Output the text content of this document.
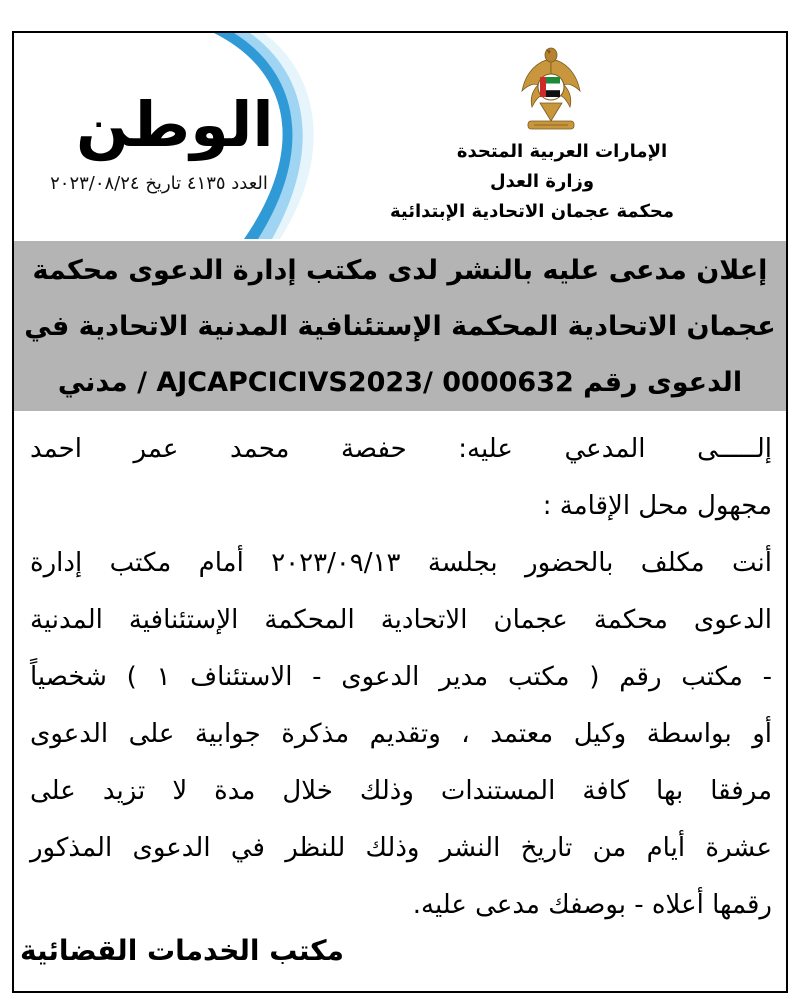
الإمارات العربية المتحدة
وزارة العدل
محكمة عجمان الاتحادية الإبتدائية
الوطن
العدد ٤١٣٥ تاريخ ٢٠٢٣/٠٨/٢٤
إعلان مدعى عليه بالنشر لدى مكتب إدارة الدعوى محكمة
عجمان الاتحادية المحكمة الإستئنافية المدنية الاتحادية في
الدعوى رقم AJCAPCICIVS2023/ 0000632 / مدني
إلـــــى المدعي عليه: حفصة محمد عمر احمد
مجهول محل الإقامة :
أنت مكلف بالحضور بجلسة ٢٠٢٣/٠٩/١٣ أمام مكتب إدارة
الدعوى محكمة عجمان الاتحادية المحكمة الإستئنافية المدنية
- مكتب رقم ( مكتب مدير الدعوى - الاستئناف ١ ) شخصياً
أو بواسطة وكيل معتمد ، وتقديم مذكرة جوابية على الدعوى
مرفقا بها كافة المستندات وذلك خلال مدة لا تزيد على
عشرة أيام من تاريخ النشر وذلك للنظر في الدعوى المذكور
رقمها أعلاه - بوصفك مدعى عليه.
مكتب الخدمات القضائية
